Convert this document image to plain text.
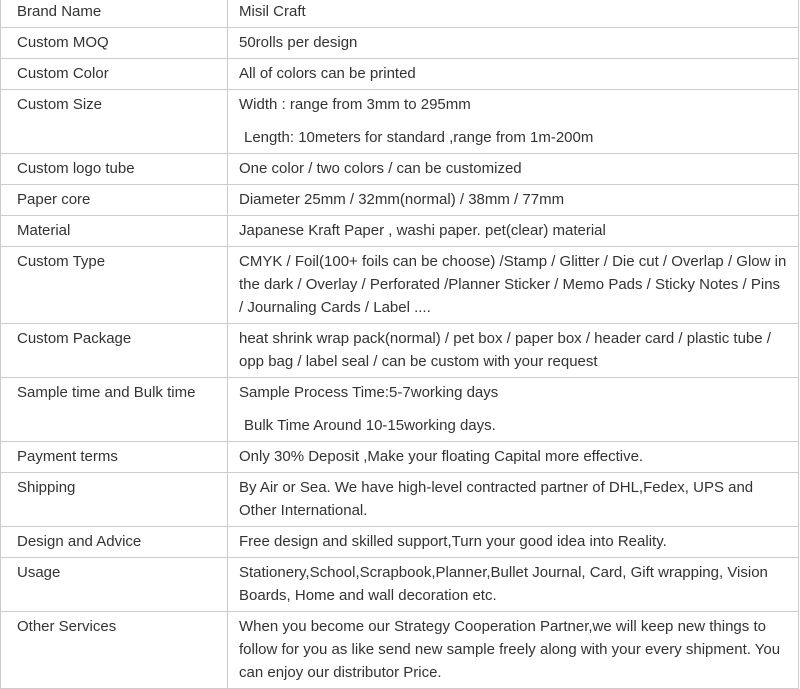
Brand Name	Misil Craft

Custom MOQ	50rolls per design

Custom Color	All of colors can be printed

Custom Size	Width : range from 3mm to 295mm
Length: 10meters for standard ,range from 1m-200m

Custom logo tube	One color / two colors / can be customized

Paper core	Diameter 25mm / 32mm(normal) / 38mm / 77mm

Material	Japanese Kraft Paper , washi paper. pet(clear) material

Custom Type	CMYK / Foil(100+ foils can be choose) /Stamp / Glitter / Die cut / Overlap / Glow in the dark / Overlay / Perforated /Planner Sticker / Memo Pads / Sticky Notes / Pins / Journaling Cards / Label ....

Custom Package	heat shrink wrap pack(normal) / pet box / paper box / header card / plastic tube / opp bag / label seal / can be custom with your request

Sample time and Bulk time	Sample Process Time:5-7working days
Bulk Time Around 10-15working days.

Payment terms	Only 30% Deposit ,Make your floating Capital more effective.

Shipping	By Air or Sea. We have high-level contracted partner of DHL,Fedex, UPS and Other International.

Design and Advice	Free design and skilled support,Turn your good idea into Reality.

Usage	Stationery,School,Scrapbook,Planner,Bullet Journal, Card, Gift wrapping, Vision Boards, Home and wall decoration etc.

Other Services	When you become our Strategy Cooperation Partner,we will keep new things to follow for you as like send new sample freely along with your every shipment. You can enjoy our distributor Price.
